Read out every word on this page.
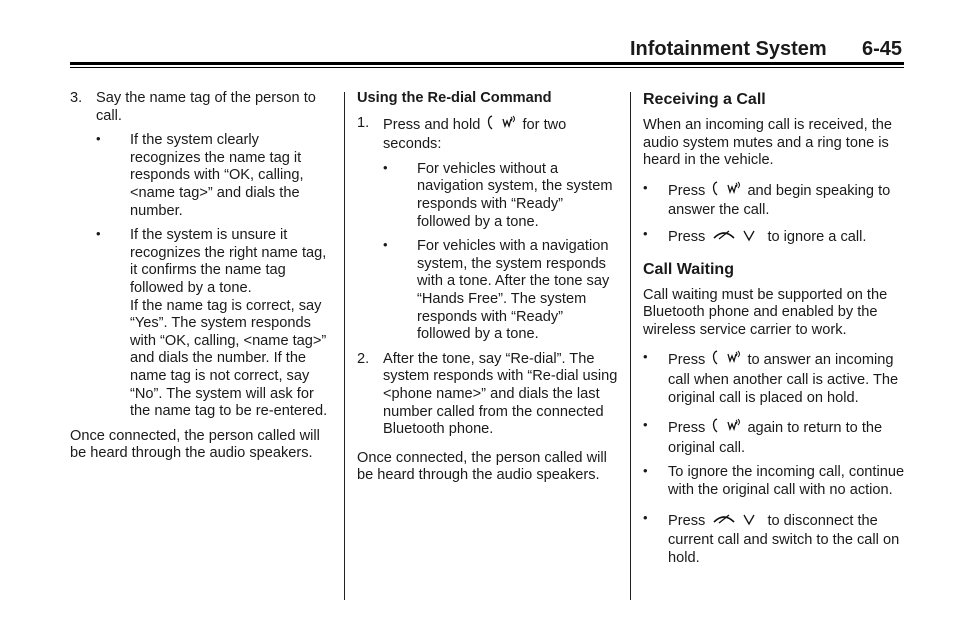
Infotainment System 6-45
3. Say the name tag of the person to call.
• If the system clearly recognizes the name tag it responds with “OK, calling, <name tag>” and dials the number.
• If the system is unsure it recognizes the right name tag, it confirms the name tag followed by a tone.

If the name tag is correct, say “Yes”. The system responds with “OK, calling, <name tag>” and dials the number. If the name tag is not correct, say “No”. The system will ask for the name tag to be re-entered.

Once connected, the person called will be heard through the audio speakers.

Using the Re-dial Command

1. Press and hold	for two seconds:
• For vehicles without a navigation system, the system responds with “Ready” followed by a tone.
• For vehicles with a navigation system, the system responds with a tone. After the tone say “Hands Free”. The system responds with “Ready” followed by a tone.
2. After the tone, say “Re-dial”. The system responds with “Re-dial using <phone name>” and dials the last number called from the connected Bluetooth phone.

Once connected, the person called will be heard through the audio speakers.

Receiving a Call

When an incoming call is received, the audio system mutes and a ring tone is heard in the vehicle.

• Press	and begin speaking to answer the call.
• Press	to ignore a call.

Call Waiting

Call waiting must be supported on the Bluetooth phone and enabled by the wireless service carrier to work.

• Press	to answer an incoming call when another call is active. The original call is placed on hold.
• Press	again to return to the original call.
• To ignore the incoming call, continue with the original call with no action.
• Press	to disconnect the current call and switch to the call on hold.
